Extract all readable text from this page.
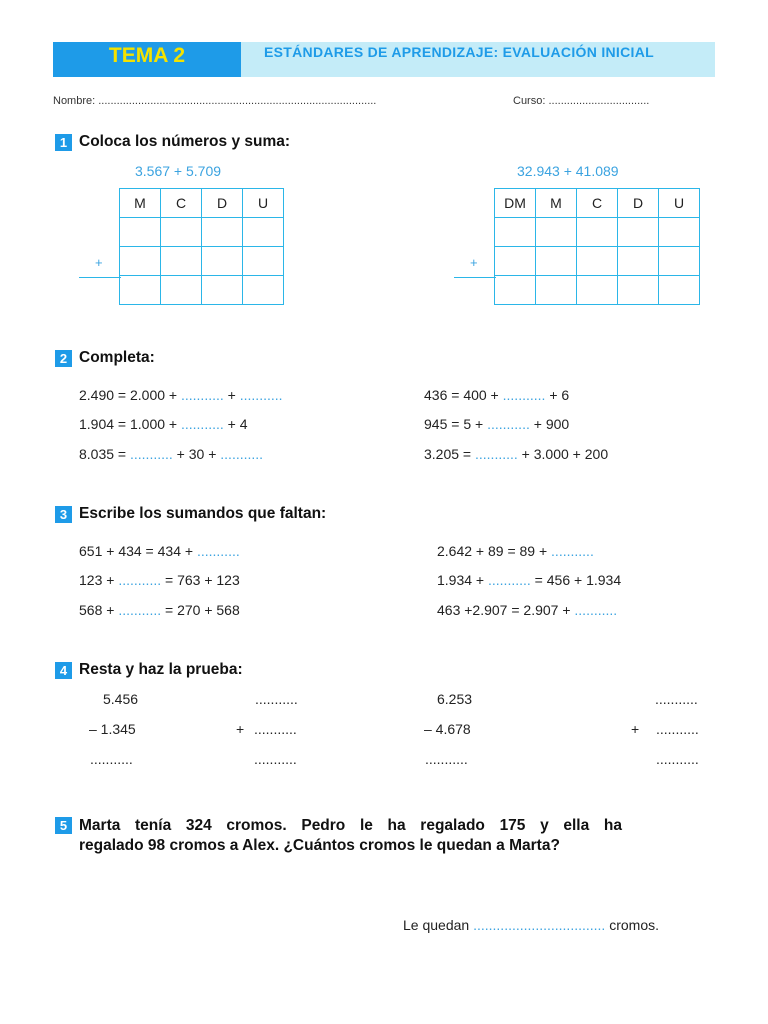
TEMA 2	ESTÁNDARES DE APRENDIZAJE: EVALUACIÓN INICIAL
Nombre: ...........................................................................................	Curso: .................................
1 Coloca los números y suma:
3.567 + 5.709
M	C	D	U

+
32.943 + 41.089
DM	M	C	D	U

+
2 Completa:
2.490 = 2.000 + ........... + ...........
1.904 = 1.000 + ........... + 4
8.035 = ........... + 30 + ...........
436 = 400 + ........... + 6
945 = 5 + ........... + 900
3.205 = ........... + 3.000 + 200
3 Escribe los sumandos que faltan:
651 + 434 = 434 + ...........
123 + ........... = 763 + 123
568 + ........... = 270 + 568
2.642 + 89 = 89 + ...........
1.934 + ........... = 456 + 1.934
463 +2.907 = 2.907 + ...........
4 Resta y haz la prueba:
5.456
– 1.345
...........
...........
+ ...........
...........
6.253
– 4.678
...........
...........
+ ...........
...........
5 Marta tenía 324 cromos. Pedro le ha regalado 175 y ella ha
regalado 98 cromos a Alex. ¿Cuántos cromos le quedan a Marta?
Le quedan .................................. cromos.
